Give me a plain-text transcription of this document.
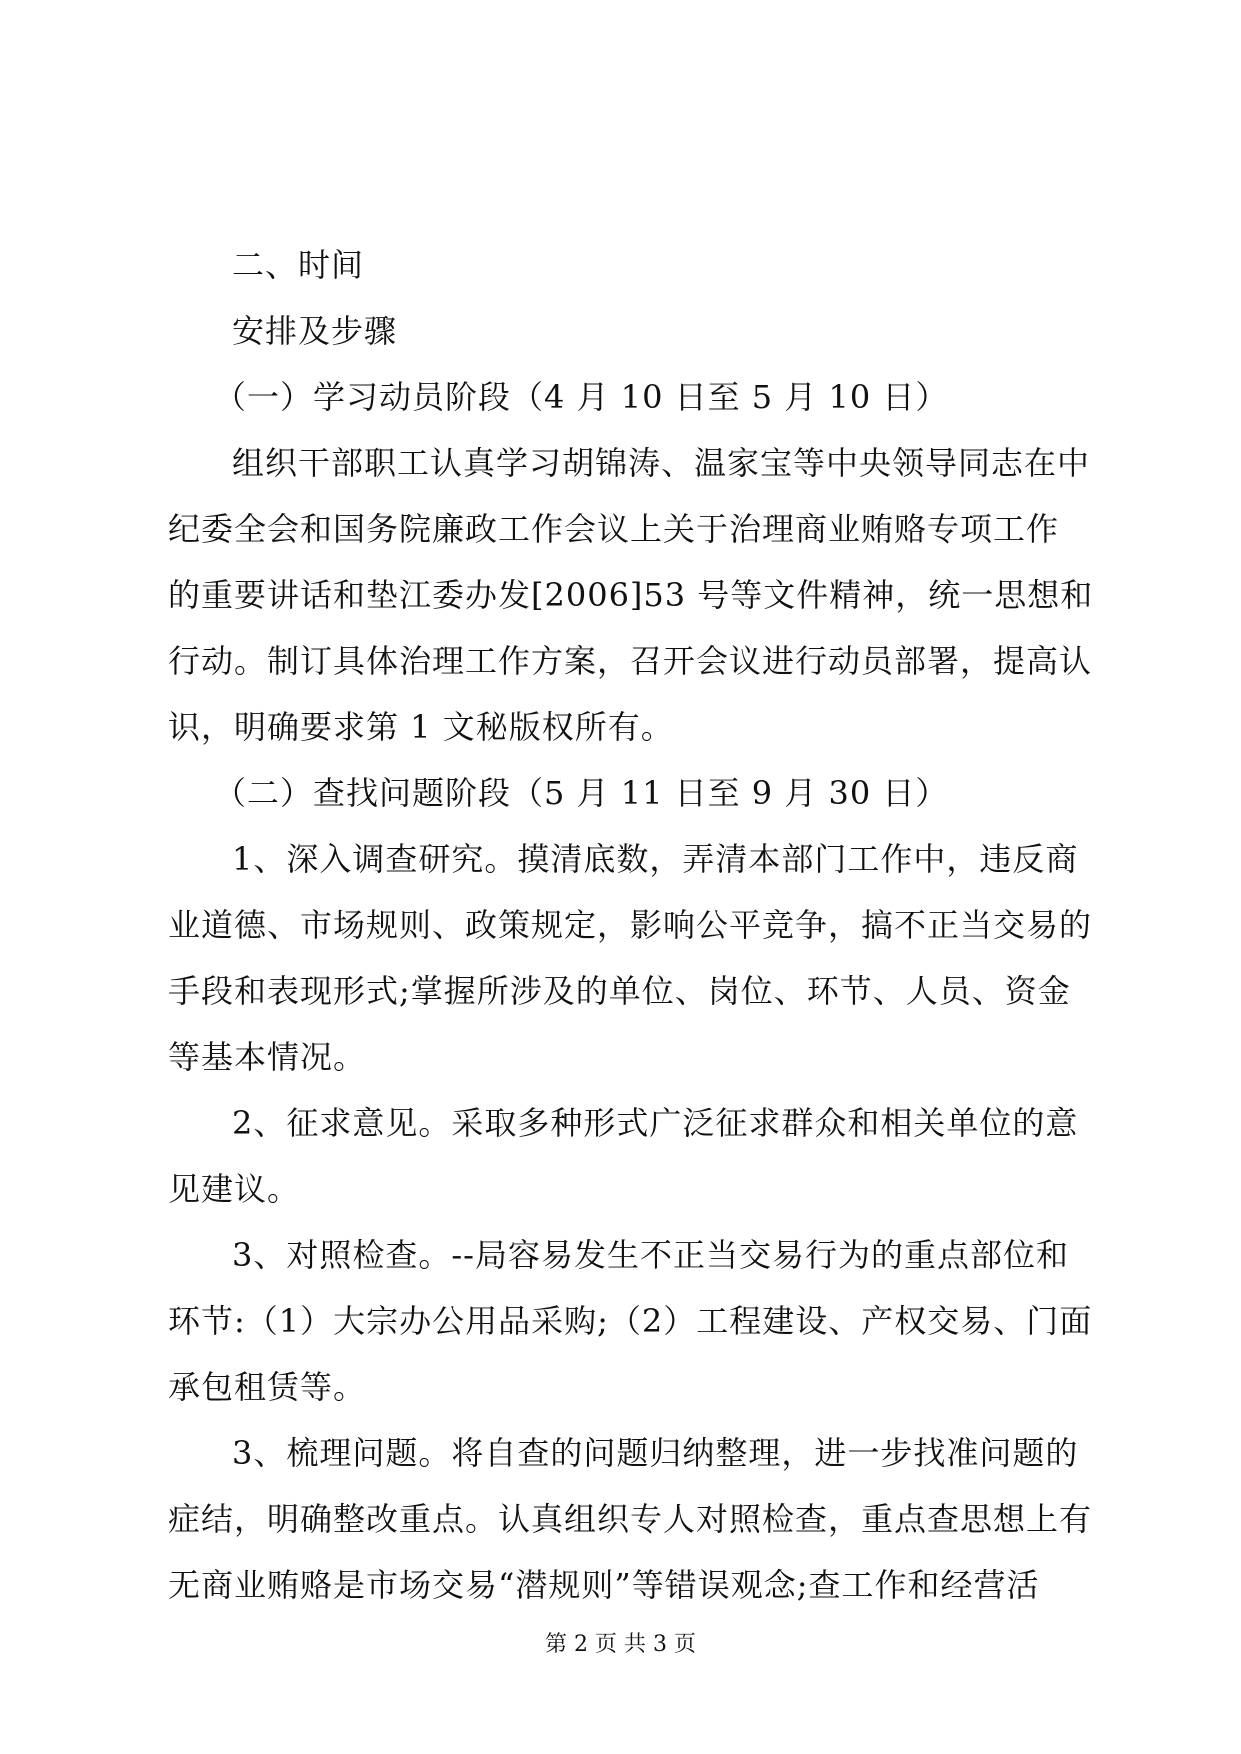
二、时间
安排及步骤
（一）学习动员阶段（4 月 10 日至 5 月 10 日）
组织干部职工认真学习胡锦涛、温家宝等中央领导同志在中
纪委全会和国务院廉政工作会议上关于治理商业贿赂专项工作
的重要讲话和垫江委办发[2006]53 号等文件精神，统一思想和
行动。制订具体治理工作方案，召开会议进行动员部署，提高认
识，明确要求第 1 文秘版权所有。
（二）查找问题阶段（5 月 11 日至 9 月 30 日）
1、深入调查研究。摸清底数，弄清本部门工作中，违反商
业道德、市场规则、政策规定，影响公平竞争，搞不正当交易的
手段和表现形式;掌握所涉及的单位、岗位、环节、人员、资金
等基本情况。
2、征求意见。采取多种形式广泛征求群众和相关单位的意
见建议。
3、对照检查。--局容易发生不正当交易行为的重点部位和
环节:（1）大宗办公用品采购;（2）工程建设、产权交易、门面
承包租赁等。
3、梳理问题。将自查的问题归纳整理，进一步找准问题的
症结，明确整改重点。认真组织专人对照检查，重点查思想上有
无商业贿赂是市场交易“潜规则”等错误观念;查工作和经营活
第 2 页 共 3 页
